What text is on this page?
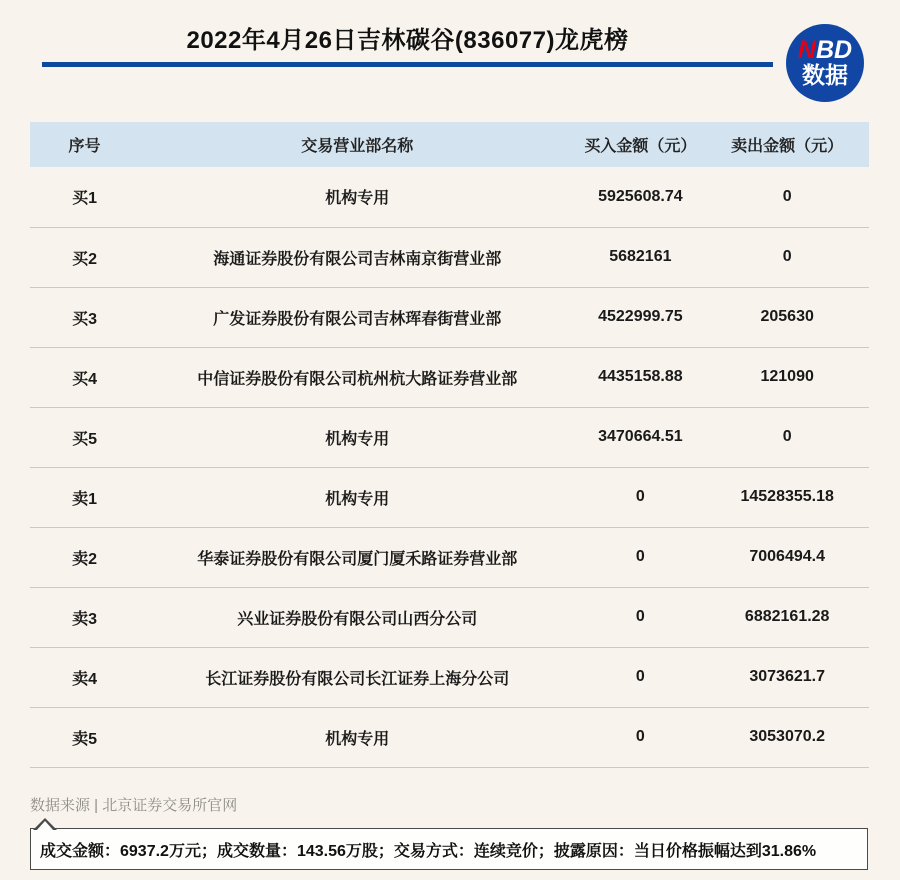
2022年4月26日吉林碳谷(836077)龙虎榜	NBD
数据
序号	交易营业部名称	买入金额（元）	卖出金额（元）
买1	机构专用	5925608.74	0
买2	海通证券股份有限公司吉林南京街营业部	5682161	0
买3	广发证券股份有限公司吉林珲春街营业部	4522999.75	205630
买4	中信证券股份有限公司杭州杭大路证券营业部	4435158.88	121090
买5	机构专用	3470664.51	0
卖1	机构专用	0	14528355.18
卖2	华泰证券股份有限公司厦门厦禾路证券营业部	0	7006494.4
卖3	兴业证券股份有限公司山西分公司	0	6882161.28
卖4	长江证券股份有限公司长江证券上海分公司	0	3073621.7
卖5	机构专用	0	3053070.2
数据来源 | 北京证券交易所官网
成交金额：6937.2万元；成交数量：143.56万股；交易方式：连续竞价；披露原因：当日价格振幅达到31.86%
